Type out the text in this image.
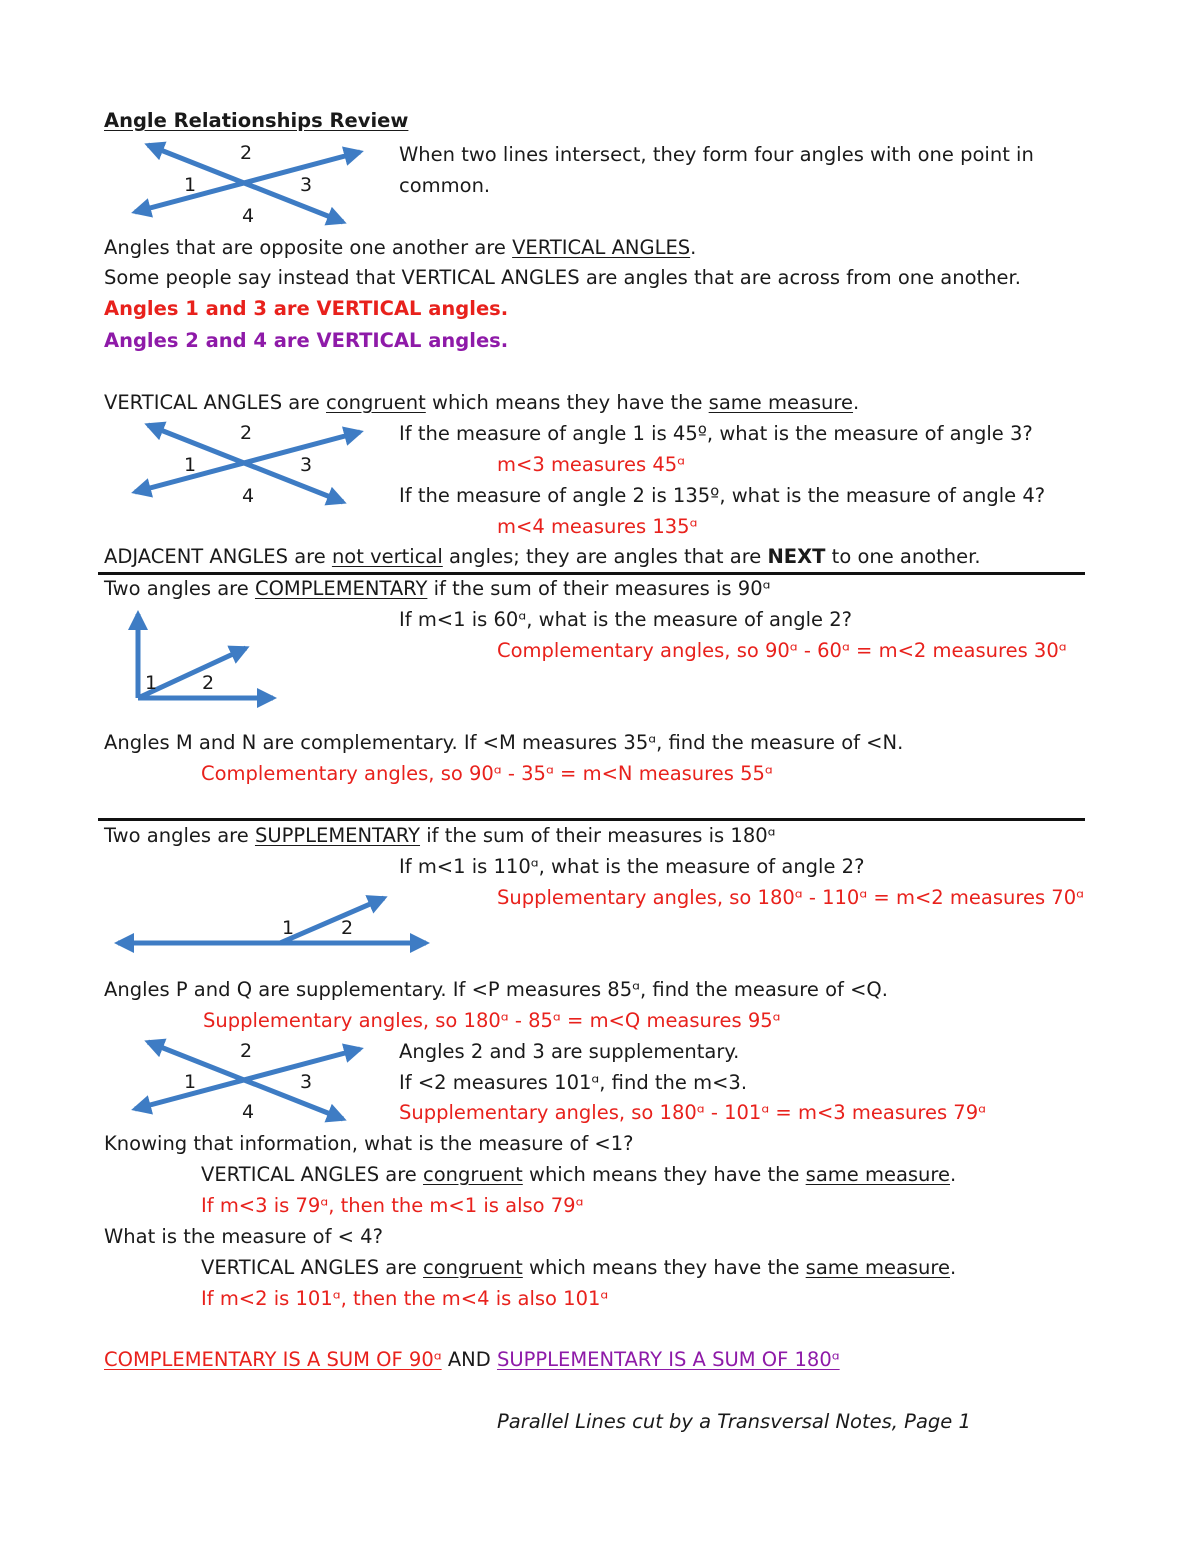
Angle Relationships Review
2
1	3
4
When two lines intersect, they form four angles with one point in
common.
Angles that are opposite one another are VERTICAL ANGLES.
Some people say instead that VERTICAL ANGLES are angles that are across from one another.
Angles 1 and 3 are VERTICAL angles.
Angles 2 and 4 are VERTICAL angles.
VERTICAL ANGLES are congruent which means they have the same measure.
2
1	3
4
If the measure of angle 1 is 45º, what is the measure of angle 3?
m<3 measures 45ᵅ
If the measure of angle 2 is 135º, what is the measure of angle 4?
m<4 measures 135ᵅ
ADJACENT ANGLES are not vertical angles; they are angles that are NEXT to one another.
Two angles are COMPLEMENTARY if the sum of their measures is 90ᵅ
1 2
If m<1 is 60ᵅ, what is the measure of angle 2?
Complementary angles, so 90ᵅ - 60ᵅ = m<2 measures 30ᵅ
Angles M and N are complementary. If <M measures 35ᵅ, find the measure of <N.
Complementary angles, so 90ᵅ - 35ᵅ = m<N measures 55ᵅ
Two angles are SUPPLEMENTARY if the sum of their measures is 180ᵅ
If m<1 is 110ᵅ, what is the measure of angle 2?
Supplementary angles, so 180ᵅ - 110ᵅ = m<2 measures 70ᵅ
1 2
Angles P and Q are supplementary. If <P measures 85ᵅ, find the measure of <Q.
Supplementary angles, so 180ᵅ - 85ᵅ = m<Q measures 95ᵅ
2
1	3
4
Angles 2 and 3 are supplementary.
If <2 measures 101ᵅ, find the m<3.
Supplementary angles, so 180ᵅ - 101ᵅ = m<3 measures 79ᵅ
Knowing that information, what is the measure of <1?
VERTICAL ANGLES are congruent which means they have the same measure.
If m<3 is 79ᵅ, then the m<1 is also 79ᵅ
What is the measure of < 4?
VERTICAL ANGLES are congruent which means they have the same measure.
If m<2 is 101ᵅ, then the m<4 is also 101ᵅ
COMPLEMENTARY IS A SUM OF 90ᵅ AND SUPPLEMENTARY IS A SUM OF 180ᵅ
Parallel Lines cut by a Transversal Notes, Page 1
